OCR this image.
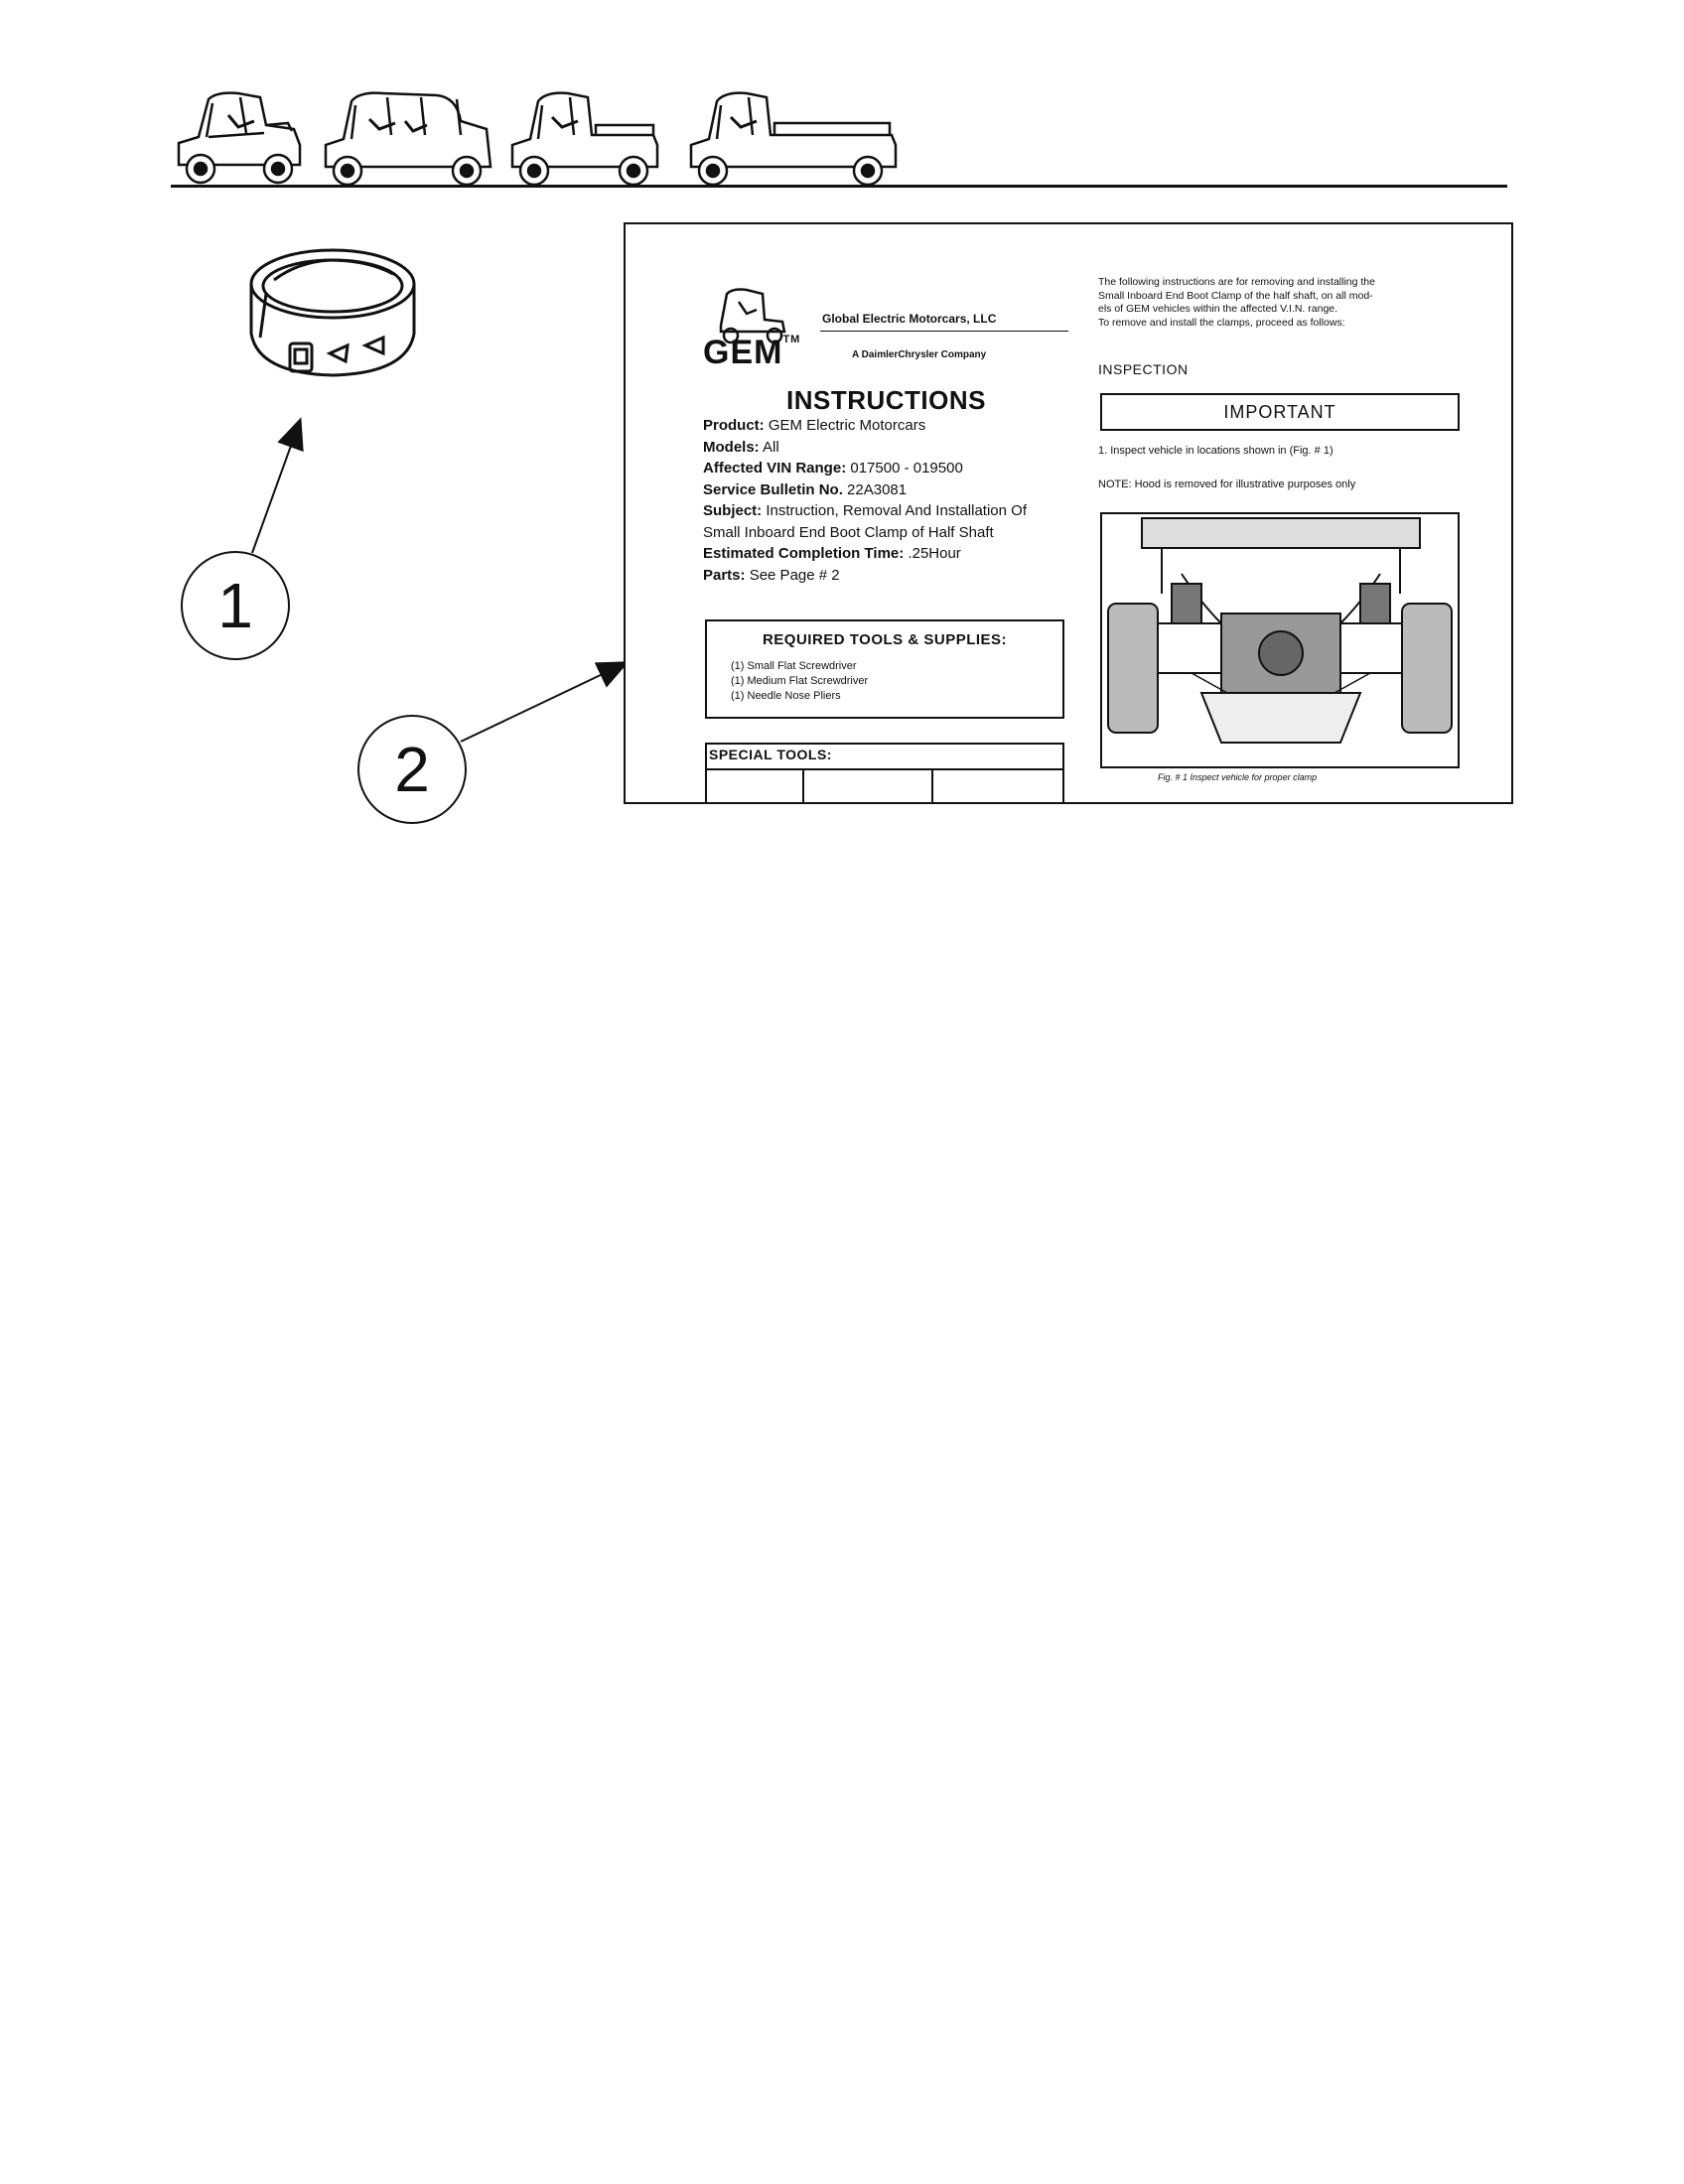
1
2
GEM™
Global Electric Motorcars, LLC
A DaimlerChrysler Company
INSTRUCTIONS
Product: GEM Electric Motorcars
Models: All
Affected VIN Range: 017500 - 019500
Service Bulletin No. 22A3081
Subject: Instruction, Removal And Installation Of
Small Inboard End Boot Clamp of Half Shaft
Estimated Completion Time: .25Hour
Parts: See Page # 2
REQUIRED TOOLS & SUPPLIES:
(1) Small Flat Screwdriver
(1) Medium Flat Screwdriver
(1) Needle Nose Pliers
SPECIAL TOOLS:
The following instructions are for removing and installing the
Small Inboard End Boot Clamp of the half shaft, on all mod-
els of GEM vehicles within the affected V.I.N. range.
To remove and install the clamps, proceed as follows:
INSPECTION
IMPORTANT
1. Inspect vehicle in locations shown in (Fig. # 1)
NOTE: Hood is removed for illustrative purposes only
Fig. # 1 Inspect vehicle for proper clamp
